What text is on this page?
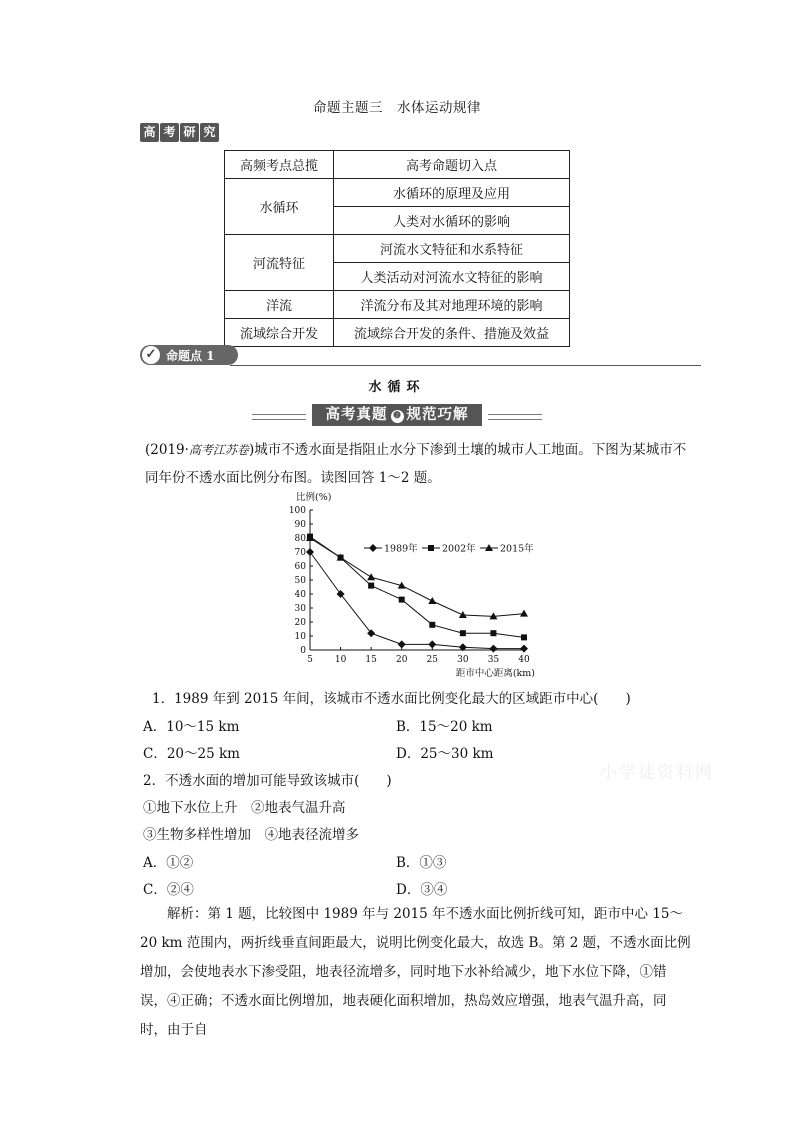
命题主题三　水体运动规律
高 考 研 究
高频考点总揽	高考命题切入点
水循环	水循环的原理及应用
	人类对水循环的影响
河流特征	河流水文特征和水系特征
	人类活动对河流水文特征的影响
洋流	洋流分布及其对地理环境的影响
流域综合开发	流域综合开发的条件、措施及效益
✓ 命题点 1
水循环
高考真题 ❷ 规范巧解
(2019·高考江苏卷)城市不透水面是指阻止水分下渗到土壤的城市人工地面。下图为某城市不同年份不透水面比例分布图。读图回答 1～2 题。
比例(%)
距市中心距离(km)
0
10
20
30
40
50
60
70
80
90
100
5 10 15 20 25 30 35 40
1989年	2002年	2015年
1．1989 年到 2015 年间，该城市不透水面比例变化最大的区域距市中心(　　)
A．10～15 km	B．15～20 km
C．20～25 km	D．25～30 km
2．不透水面的增加可能导致该城市(　　)
①地下水位上升　②地表气温升高
③生物多样性增加　④地表径流增多
A．①②	B．①③
C．②④	D．③④
小学徒资料网
解析：第 1 题，比较图中 1989 年与 2015 年不透水面比例折线可知，距市中心 15～20 km 范围内，两折线垂直间距最大，说明比例变化最大，故选 B。第 2 题，不透水面比例增加，会使地表水下渗受阻，地表径流增多，同时地下水补给减少，地下水位下降，①错误，④正确；不透水面比例增加，地表硬化面积增加，热岛效应增强，地表气温升高，同时，由于自
